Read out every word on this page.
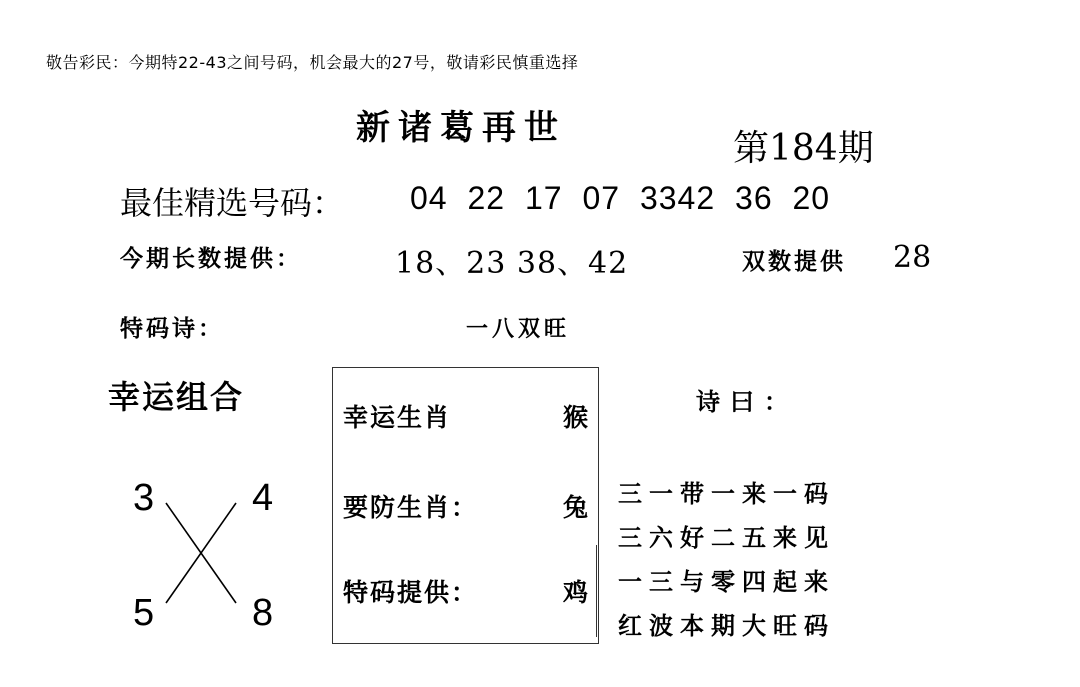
敬告彩民：今期特22-43之间号码，机会最大的27号，敬请彩民慎重选择
新诸葛再世	第184期
最佳精选号码： 04 22 17 07 3342 36 20
今期长数提供：	18、23 38、42	双数提供 28
特码诗：	一八双旺
幸运组合
3	4
5	8
幸运生肖	猴
要防生肖：	兔
特码提供：	鸡
诗曰：
三一带一来一码
三六好二五来见
一三与零四起来
红波本期大旺码
